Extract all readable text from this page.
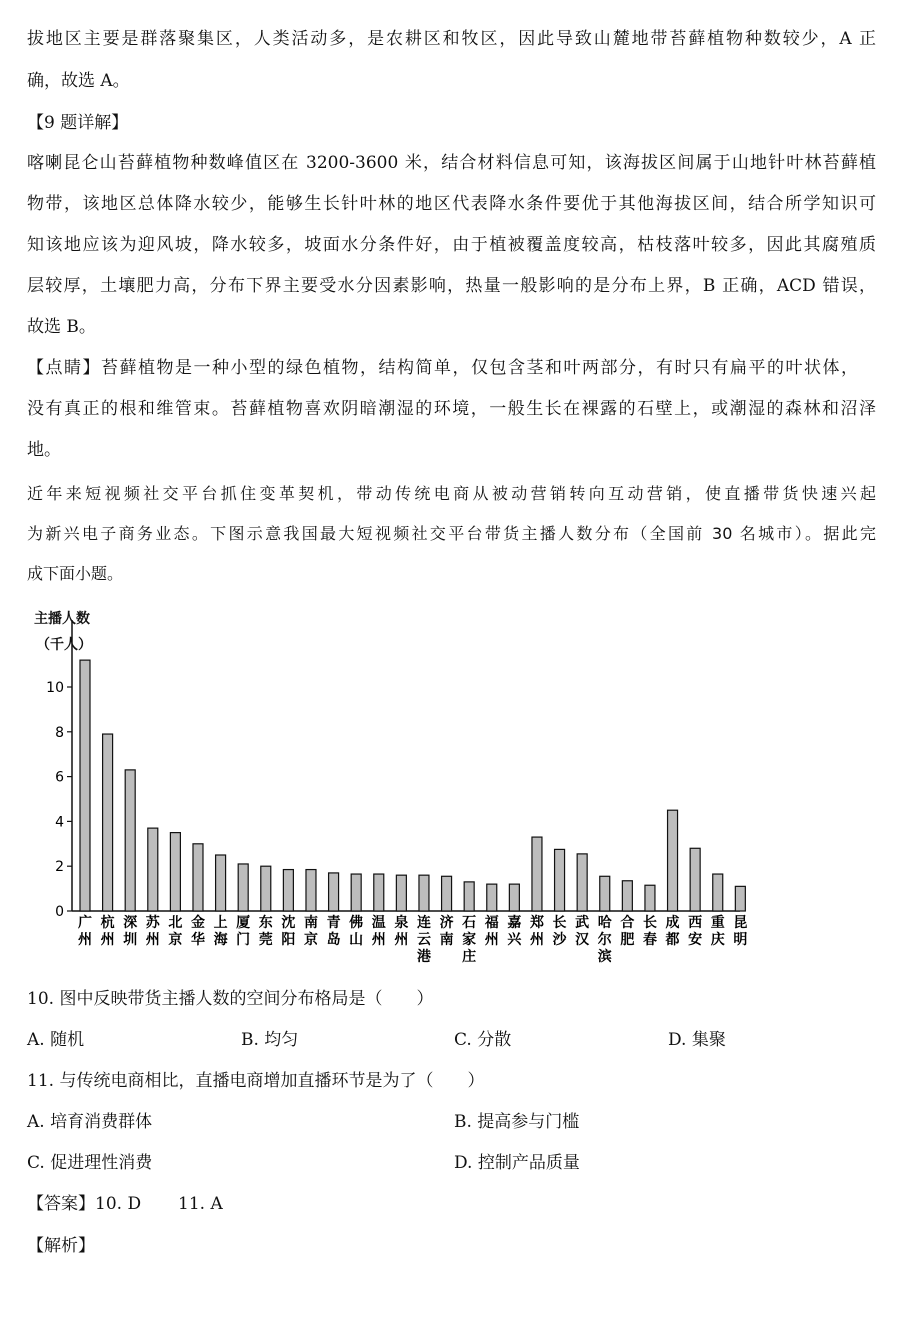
拔地区主要是群落聚集区，人类活动多，是农耕区和牧区，因此导致山麓地带苔藓植物种数较少，A 正
确，故选 A。
【9 题详解】
喀喇昆仑山苔藓植物种数峰值区在 3200-3600 米，结合材料信息可知，该海拔区间属于山地针叶林苔藓植
物带，该地区总体降水较少，能够生长针叶林的地区代表降水条件要优于其他海拔区间，结合所学知识可
知该地应该为迎风坡，降水较多，坡面水分条件好，由于植被覆盖度较高，枯枝落叶较多，因此其腐殖质
层较厚，土壤肥力高，分布下界主要受水分因素影响，热量一般影响的是分布上界，B 正确，ACD 错误，
故选 B。
【点睛】苔藓植物是一种小型的绿色植物，结构简单，仅包含茎和叶两部分，有时只有扁平的叶状体，
没有真正的根和维管束。苔藓植物喜欢阴暗潮湿的环境，一般生长在裸露的石壁上，或潮湿的森林和沼泽
地。
近年来短视频社交平台抓住变革契机，带动传统电商从被动营销转向互动营销，使直播带货快速兴起
为新兴电子商务业态。下图示意我国最大短视频社交平台带货主播人数分布（全国前 30 名城市）。据此完
成下面小题。
主播人数
（千人）
0
2
4
6
8
10
广
州
杭
州
深
圳
苏
州
北
京
金
华
上
海
厦
门
东
莞
沈
阳
南
京
青
岛
佛
山
温
州
泉
州
连
云
港
济
南
石
家
庄
福
州
嘉
兴
郑
州
长
沙
武
汉
哈
尔
滨
合
肥
长
春
成
都
西
安
重
庆
昆
明
10. 图中反映带货主播人数的空间分布格局是（　　）
A. 随机	B. 均匀	C. 分散	D. 集聚
11. 与传统电商相比，直播电商增加直播环节是为了（　　）
A. 培育消费群体	B. 提高参与门槛
C. 促进理性消费	D. 控制产品质量
【答案】10. D 11. A
【解析】
